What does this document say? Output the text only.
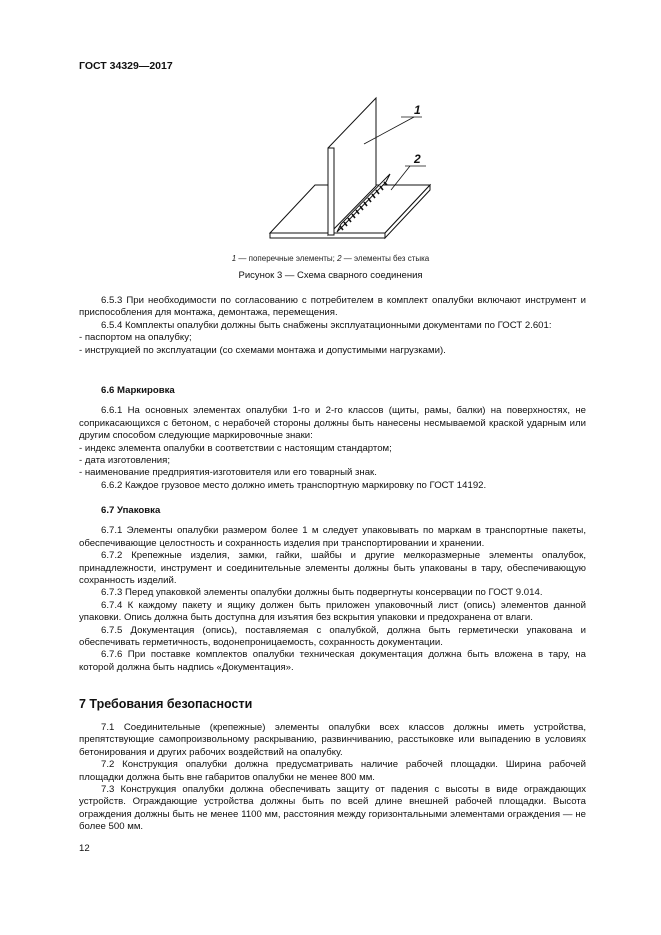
ГОСТ 34329—2017
1
2
1 — поперечные элементы; 2 — элементы без стыка
Рисунок 3 — Схема сварного соединения

6.5.3 При необходимости по согласованию с потребителем в комплект опалубки включают инструмент и приспособления для монтажа, демонтажа, перемещения.

6.5.4 Комплекты опалубки должны быть снабжены эксплуатационными документами по ГОСТ 2.601:

- паспортом на опалубку;

- инструкцией по эксплуатации (со схемами монтажа и допустимыми нагрузками).

6.6 Маркировка

6.6.1 На основных элементах опалубки 1-го и 2-го классов (щиты, рамы, балки) на поверхностях, не соприкасающихся с бетоном, с нерабочей стороны должны быть нанесены несмываемой краской ударным или другим способом следующие маркировочные знаки:

- индекс элемента опалубки в соответствии с настоящим стандартом;

- дата изготовления;

- наименование предприятия-изготовителя или его товарный знак.

6.6.2 Каждое грузовое место должно иметь транспортную маркировку по ГОСТ 14192.

6.7 Упаковка

6.7.1 Элементы опалубки размером более 1 м следует упаковывать по маркам в транспортные пакеты, обеспечивающие целостность и сохранность изделия при транспортировании и хранении.

6.7.2 Крепежные изделия, замки, гайки, шайбы и другие мелкоразмерные элементы опалубок, принадлежности, инструмент и соединительные элементы должны быть упакованы в тару, обеспечивающую сохранность изделий.

6.7.3 Перед упаковкой элементы опалубки должны быть подвергнуты консервации по ГОСТ 9.014.

6.7.4 К каждому пакету и ящику должен быть приложен упаковочный лист (опись) элементов данной упаковки. Опись должна быть доступна для изъятия без вскрытия упаковки и предохранена от влаги.

6.7.5 Документация (опись), поставляемая с опалубкой, должна быть герметически упакована и обеспечивать герметичность, водонепроницаемость, сохранность документации.

6.7.6 При поставке комплектов опалубки техническая документация должна быть вложена в тару, на которой должна быть надпись «Документация».

7 Требования безопасности

7.1 Соединительные (крепежные) элементы опалубки всех классов должны иметь устройства, препятствующие самопроизвольному раскрыванию, развинчиванию, расстыковке или выпадению в условиях бетонирования и других рабочих воздействий на опалубку.

7.2 Конструкция опалубки должна предусматривать наличие рабочей площадки. Ширина рабочей площадки должна быть вне габаритов опалубки не менее 800 мм.

7.3 Конструкция опалубки должна обеспечивать защиту от падения с высоты в виде ограждающих устройств. Ограждающие устройства должны быть по всей длине внешней рабочей площадки. Высота ограждения должны быть не менее 1100 мм, расстояния между горизонтальными элементами ограждения — не более 500 мм.

12
